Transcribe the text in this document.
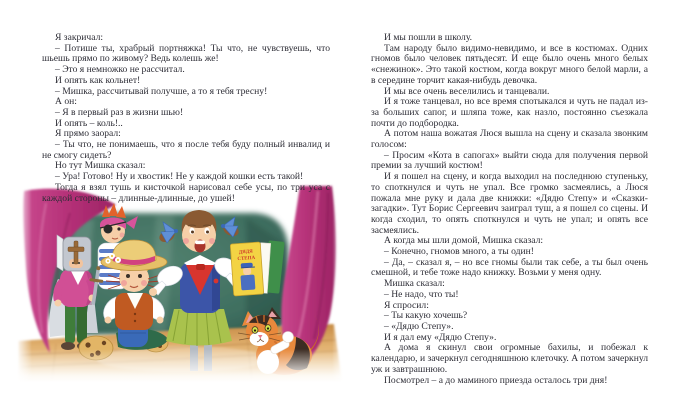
Я закричал:

– Потише ты, храбрый портняжка! Ты что, не чувствуешь, что шьешь прямо по живому? Ведь колешь же!

– Это я немножко не рассчитал.

И опять как кольнет!

– Мишка, рассчитывай получше, а то я тебя тресну!

А он:

– Я в первый раз в жизни шью!

И опять – коль!..

Я прямо заорал:

– Ты что, не понимаешь, что я после тебя буду полный инвалид и не смогу сидеть?

Но тут Мишка сказал:

– Ура! Готово! Ну и хвостик! Не у каждой кошки есть такой!

Тогда я взял тушь и кисточкой нарисовал себе усы, по три уса с каждой стороны – длинные-длинные, до ушей!

И мы пошли в школу.

Там народу было видимо-невидимо, и все в костюмах. Одних гномов было человек пятьдесят. И еще было очень много белых «снежинок». Это такой костюм, когда вокруг много белой марли, а в середине торчит какая-нибудь девочка.

И мы все очень веселились и танцевали.

И я тоже танцевал, но все время спотыкался и чуть не падал из-за больших сапог, и шляпа тоже, как назло, постоянно съезжала почти до подбородка.

А потом наша вожатая Люся вышла на сцену и сказала звонким голосом:

– Просим «Кота в сапогах» выйти сюда для получения первой премии за лучший костюм!

И я пошел на сцену, и когда выходил на последнюю ступеньку, то споткнулся и чуть не упал. Все громко засмеялись, а Люся пожала мне руку и дала две книжки: «Дядю Степу» и «Сказки-загадки». Тут Борис Сергеевич заиграл туш, а я пошел со сцены. И когда сходил, то опять споткнулся и чуть не упал; и опять все засмеялись.

А когда мы шли домой, Мишка сказал:

– Конечно, гномов много, а ты один!

– Да, – сказал я, – но все гномы были так себе, а ты был очень смешной, и тебе тоже надо книжку. Возьми у меня одну.

Мишка сказал:

– Не надо, что ты!

Я спросил:

– Ты какую хочешь?

– «Дядю Степу».

И я дал ему «Дядю Степу».

А дома я скинул свои огромные бахилы, и побежал к календарю, и зачеркнул сегодняшнюю клеточку. А потом зачеркнул уж и завтрашнюю.

Посмотрел – а до маминого приезда осталось три дня!

ДЯДЯ
СТЕПА
